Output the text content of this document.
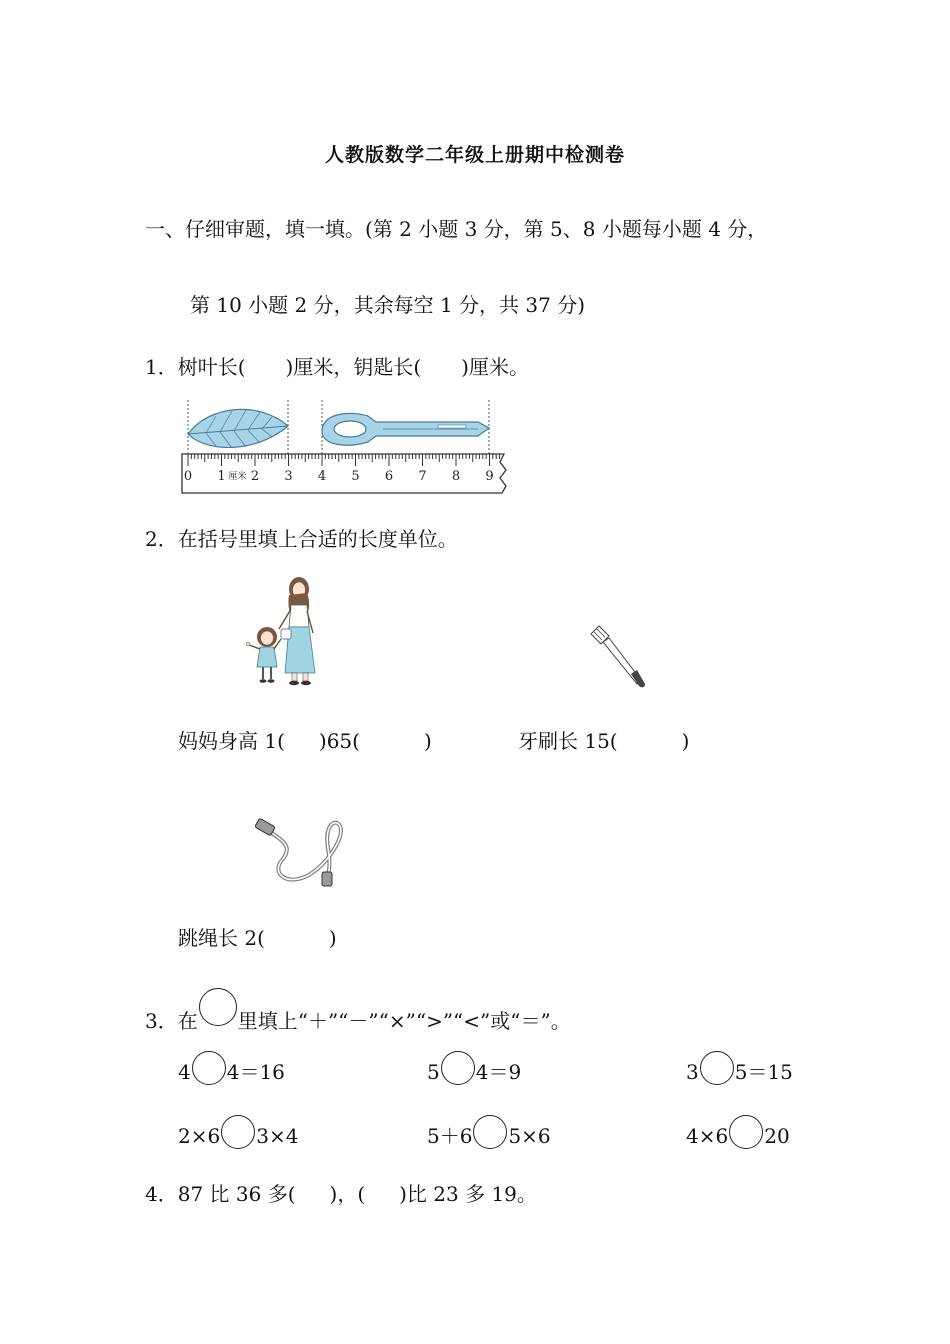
人教版数学二年级上册期中检测卷
一、仔细审题，填一填。(第 2 小题 3 分，第 5、8 小题每小题 4 分，
第 10 小题 2 分，其余每空 1 分，共 37 分)
1．树叶长( )厘米，钥匙长( )厘米。
0 1 厘米 2 3 4 5 6 7 8 9
2．在括号里填上合适的长度单位。
妈妈身高 1( )65(	)	牙刷长 15(	)
跳绳长 2(	)
3．在 里填上“＋”“－”“×”“>”“<”或“＝”。
4 4＝16	5 4＝9	3 5＝15
2×6 3×4	5＋6 5×6	4×6 20
4．87 比 36 多( )，( )比 23 多 19。
